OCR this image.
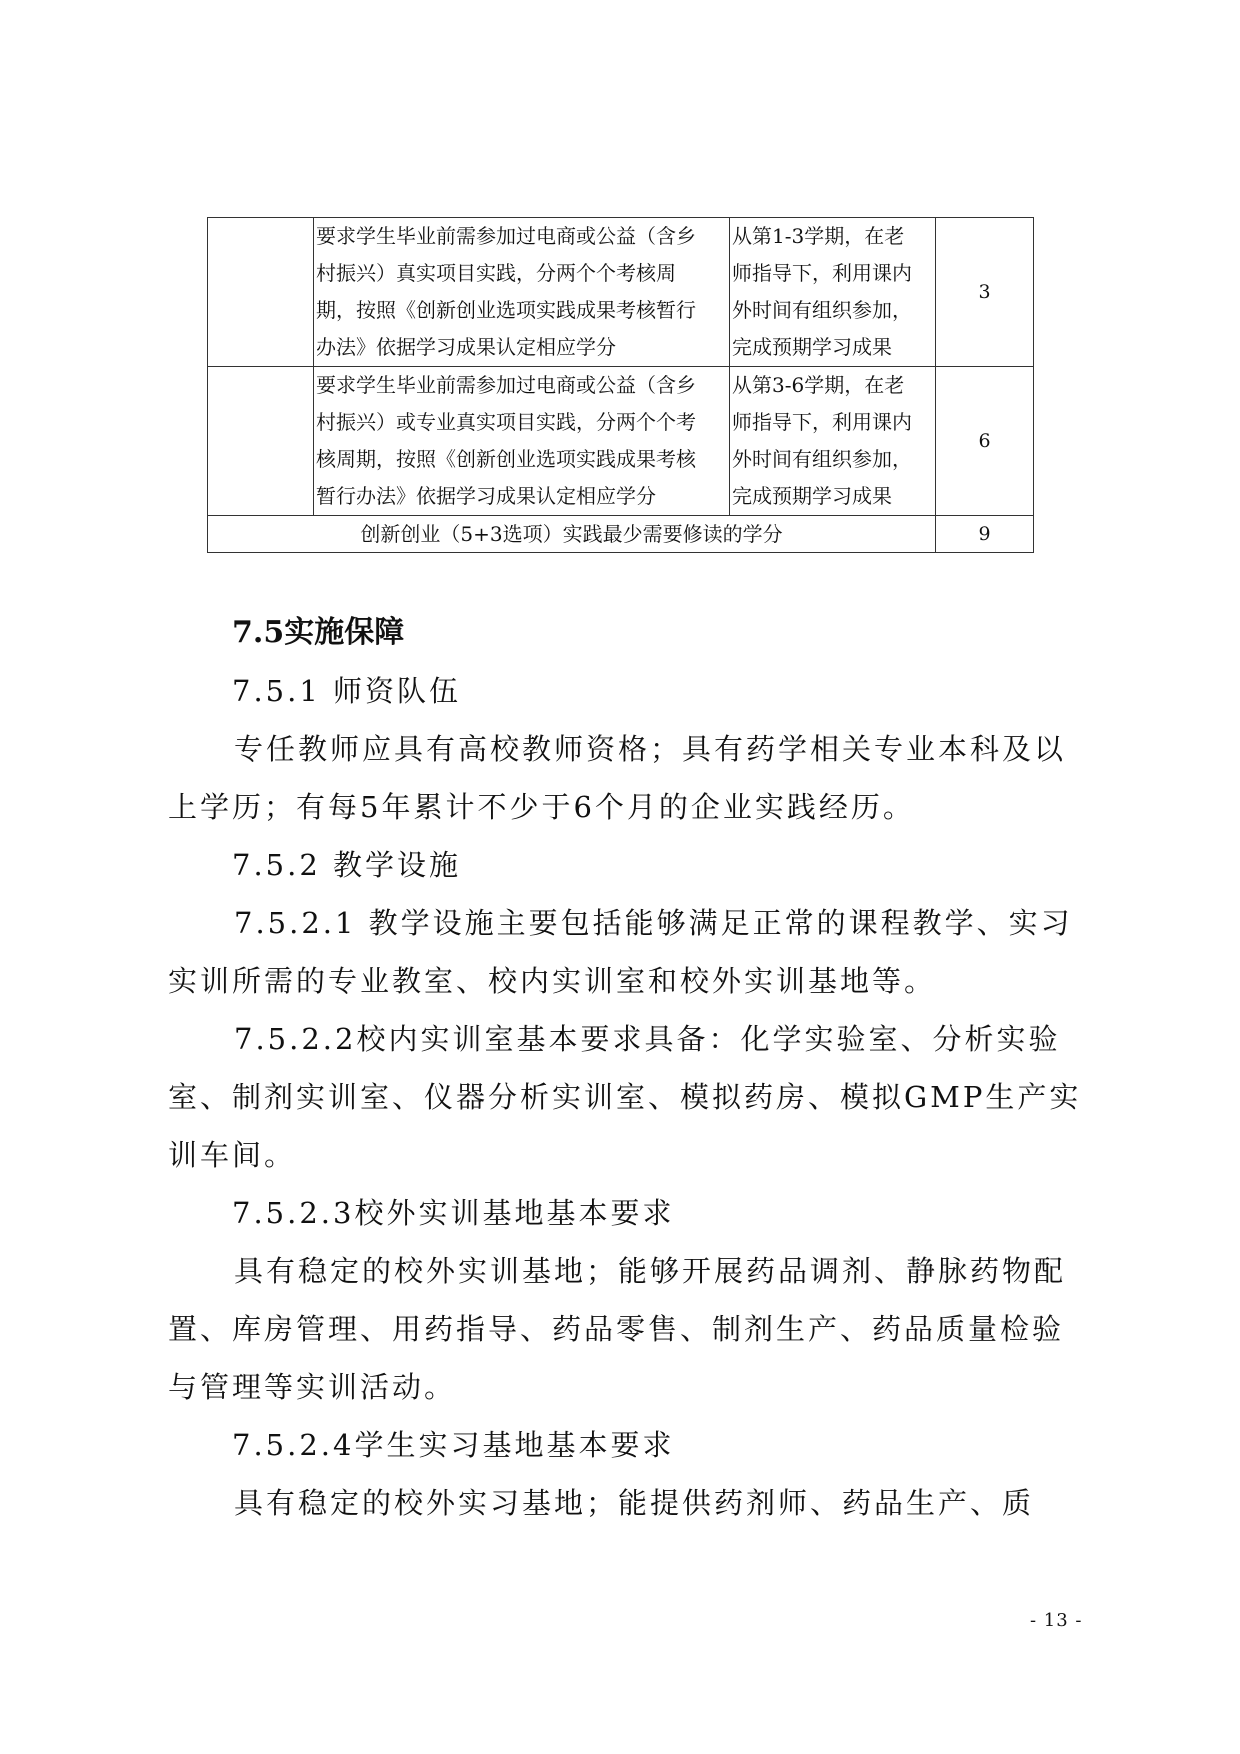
	要求学生毕业前需参加过电商或公益（含乡
村振兴）真实项目实践，分两个个考核周
期，按照《创新创业选项实践成果考核暂行
办法》依据学习成果认定相应学分	从第1-3学期，在老
师指导下，利用课内
外时间有组织参加，
完成预期学习成果	3

	要求学生毕业前需参加过电商或公益（含乡
村振兴）或专业真实项目实践，分两个个考
核周期，按照《创新创业选项实践成果考核
暂行办法》依据学习成果认定相应学分	从第3-6学期，在老
师指导下，利用课内
外时间有组织参加，
完成预期学习成果	6
创新创业（5+3选项）实践最少需要修读的学分			9
7.5实施保障
7.5.1 师资队伍
专任教师应具有高校教师资格；具有药学相关专业本科及以上学历；有每5年累计不少于6个月的企业实践经历。
7.5.2 教学设施
7.5.2.1 教学设施主要包括能够满足正常的课程教学、实习实训所需的专业教室、校内实训室和校外实训基地等。
7.5.2.2校内实训室基本要求具备：化学实验室、分析实验室、制剂实训室、仪器分析实训室、模拟药房、模拟GMP生产实训车间。
7.5.2.3校外实训基地基本要求
具有稳定的校外实训基地；能够开展药品调剂、静脉药物配置、库房管理、用药指导、药品零售、制剂生产、药品质量检验与管理等实训活动。
7.5.2.4学生实习基地基本要求
具有稳定的校外实习基地；能提供药剂师、药品生产、质
- 13 -
